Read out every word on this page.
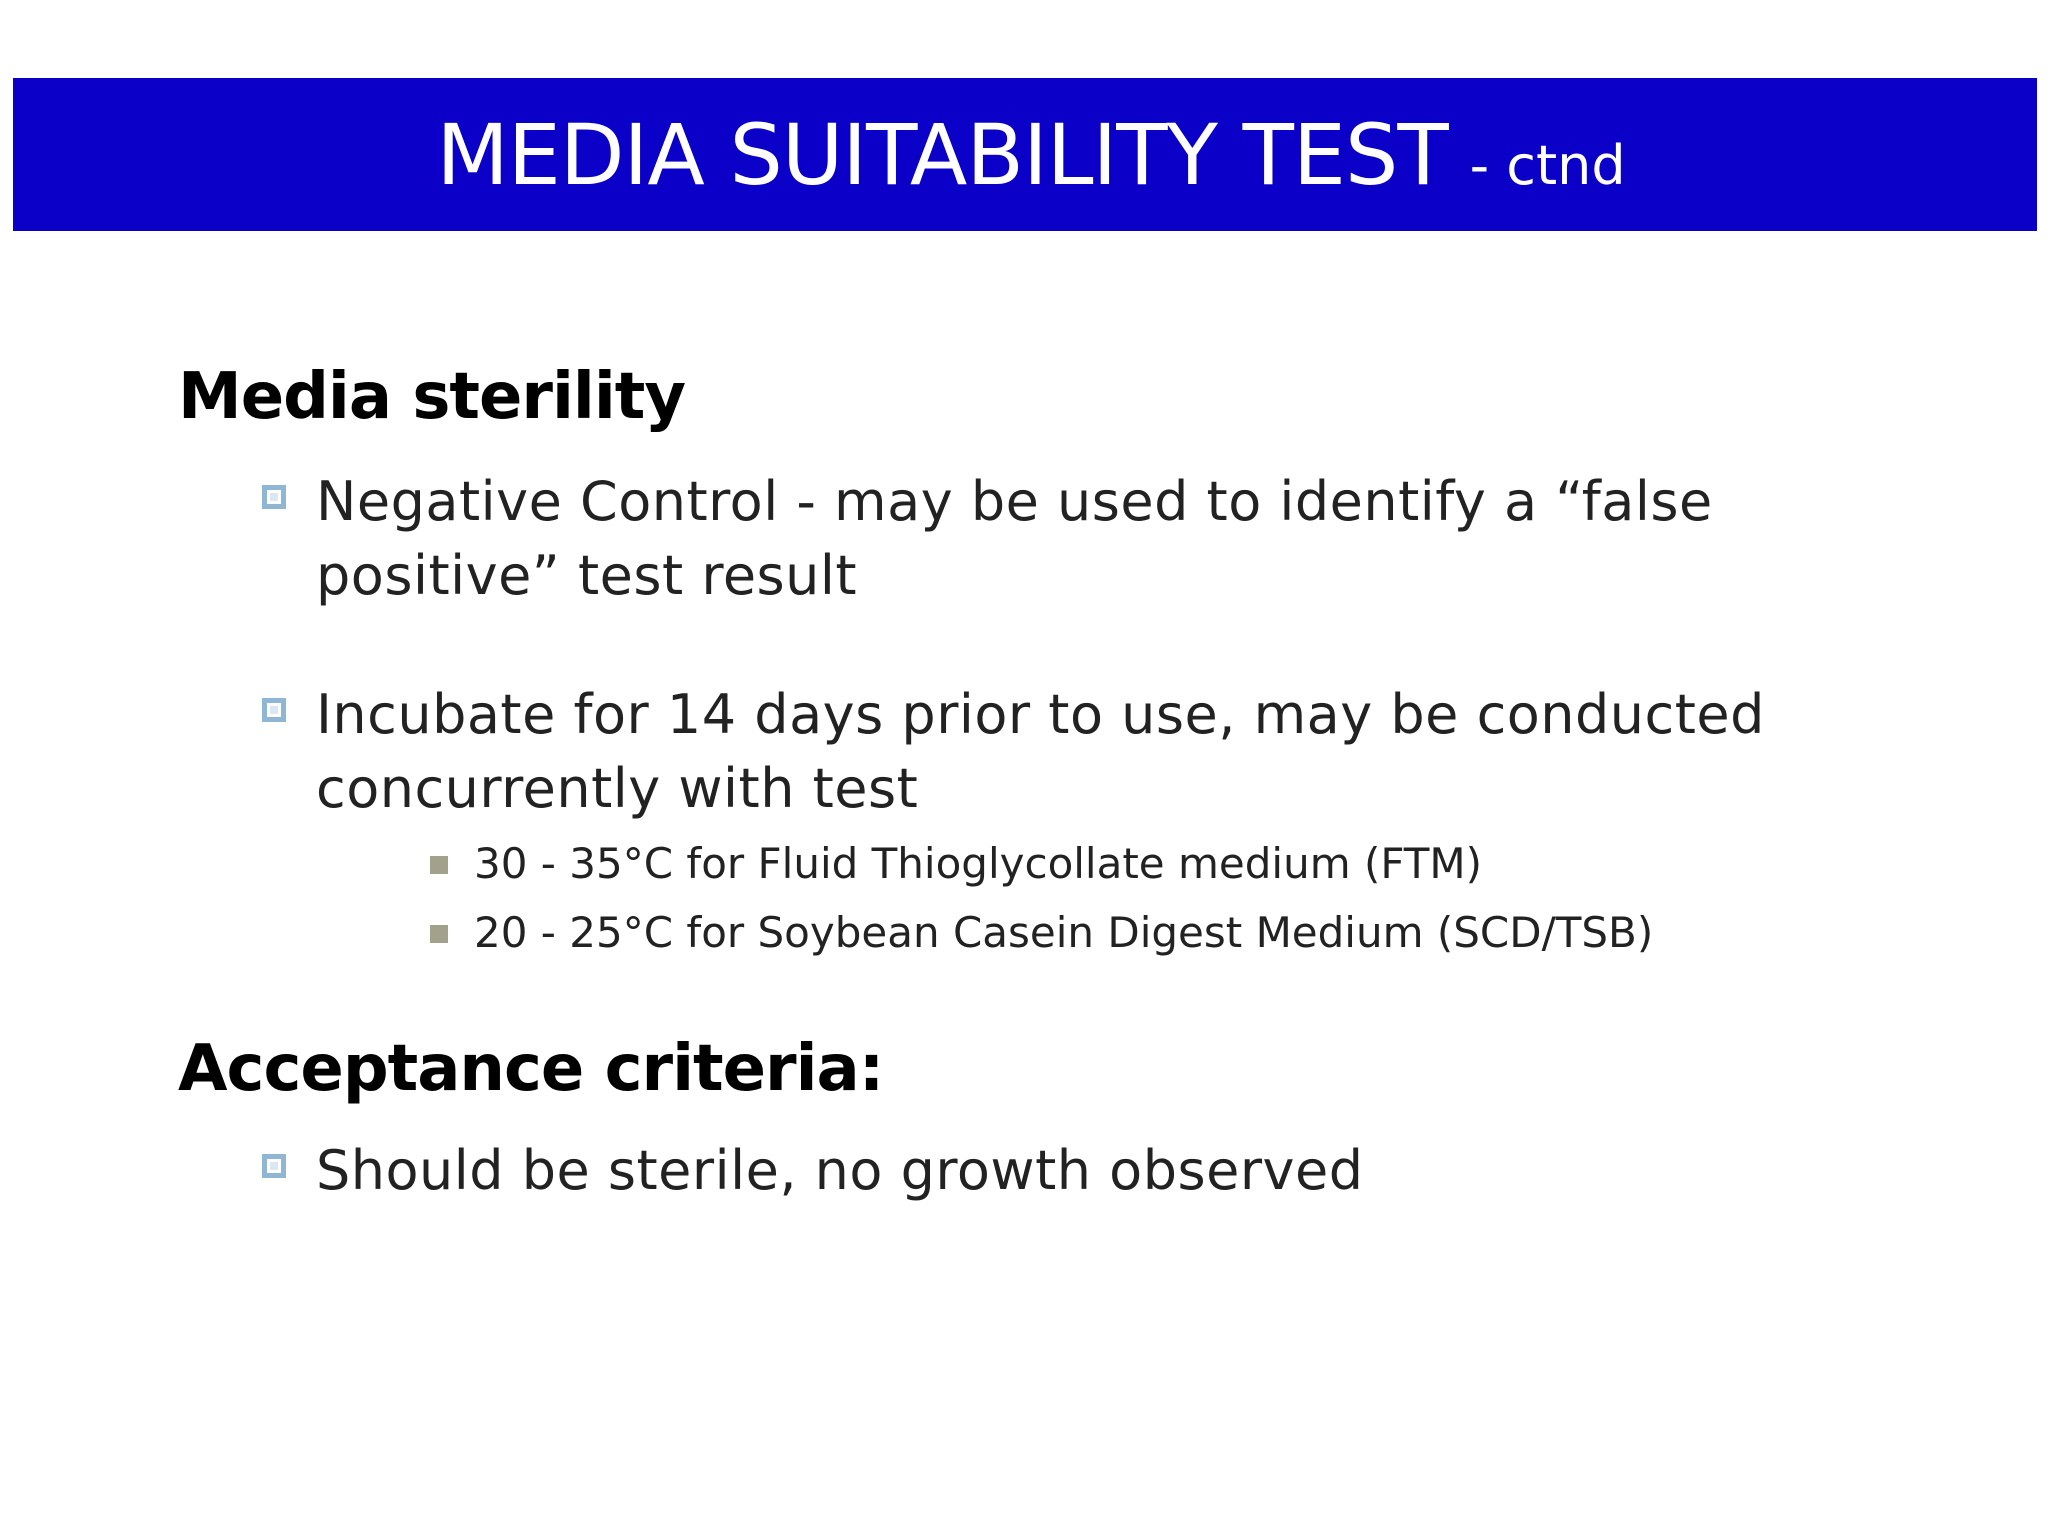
MEDIA SUITABILITY TEST - ctnd
Media sterility
Negative Control - may be used to identify a “false positive” test result
Incubate for 14 days prior to use, may be conducted concurrently with test
30 - 35°C for Fluid Thioglycollate medium (FTM)
20 - 25°C for Soybean Casein Digest Medium (SCD/TSB)
Acceptance criteria:
Should be sterile, no growth observed
